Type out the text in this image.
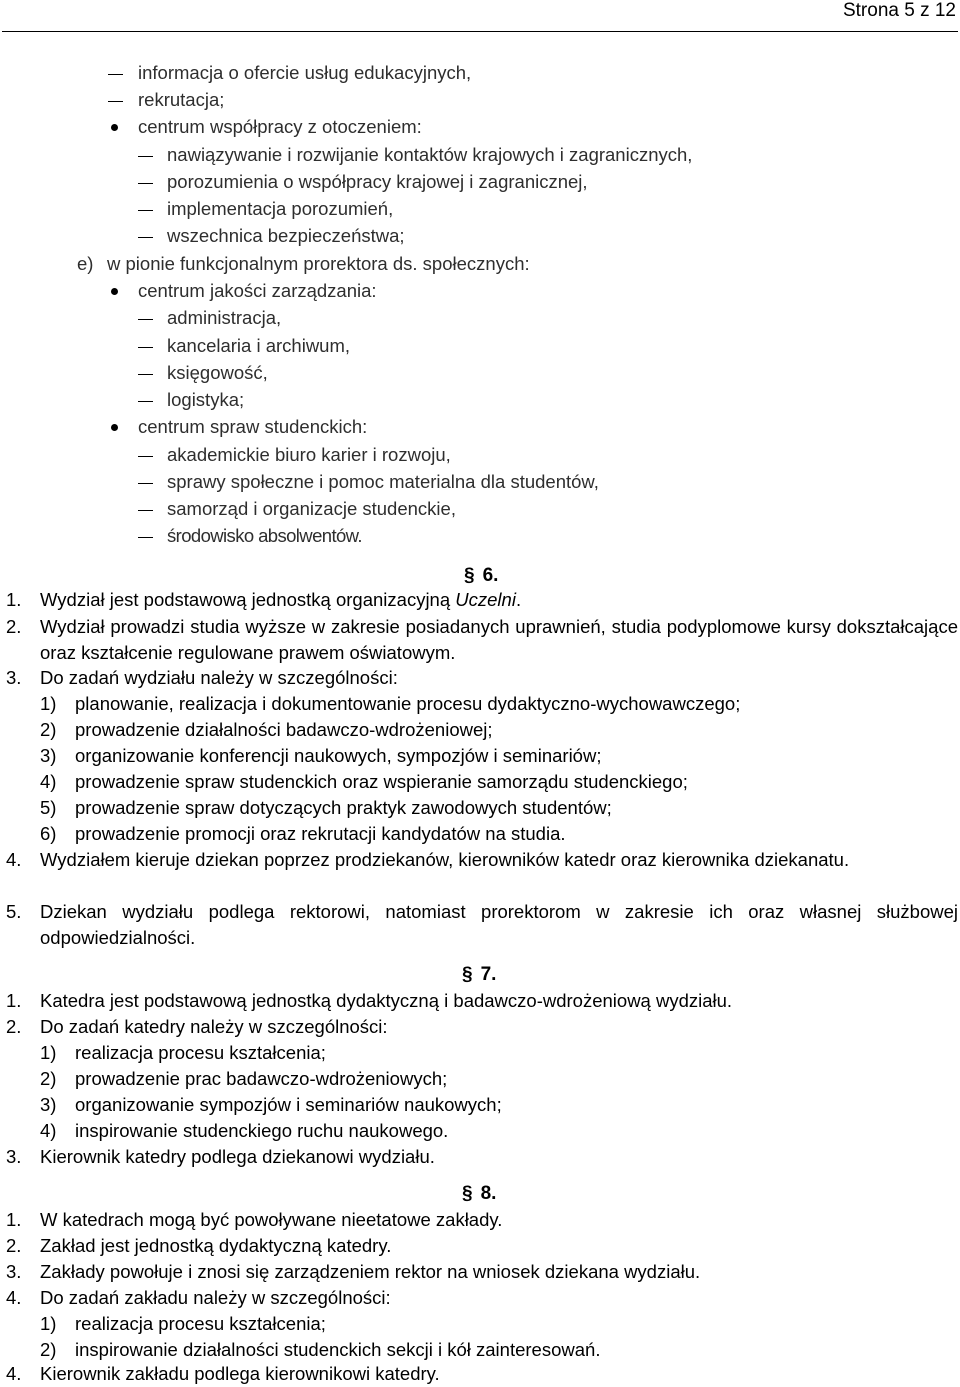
Strona 5 z 12
informacja o ofercie usług edukacyjnych,
rekrutacja;
centrum współpracy z otoczeniem:
nawiązywanie i rozwijanie kontaktów krajowych i zagranicznych,
porozumienia o współpracy krajowej i zagranicznej,
implementacja porozumień,
wszechnica bezpieczeństwa;
e) w pionie funkcjonalnym prorektora ds. społecznych:
centrum jakości zarządzania:
administracja,
kancelaria i archiwum,
księgowość,
logistyka;
centrum spraw studenckich:
akademickie biuro karier i rozwoju,
sprawy społeczne i pomoc materialna dla studentów,
samorząd i organizacje studenckie,
środowisko absolwentów.
§ 6.
1. Wydział jest podstawową jednostką organizacyjną Uczelni.
2. Wydział prowadzi studia wyższe w zakresie posiadanych uprawnień, studia podyplomowe kursy dokształcające oraz kształcenie regulowane prawem oświatowym.
3. Do zadań wydziału należy w szczególności:
1) planowanie, realizacja i dokumentowanie procesu dydaktyczno-wychowawczego;
2) prowadzenie działalności badawczo-wdrożeniowej;
3) organizowanie konferencji naukowych, sympozjów i seminariów;
4) prowadzenie spraw studenckich oraz wspieranie samorządu studenckiego;
5) prowadzenie spraw dotyczących praktyk zawodowych studentów;
6) prowadzenie promocji oraz rekrutacji kandydatów na studia.
4. Wydziałem kieruje dziekan poprzez prodziekanów, kierowników katedr oraz kierownika dziekanatu.
5. Dziekan wydziału podlega rektorowi, natomiast prorektorom w zakresie ich oraz własnej służbowej odpowiedzialności.
§ 7.
1. Katedra jest podstawową jednostką dydaktyczną i badawczo-wdrożeniową wydziału.
2. Do zadań katedry należy w szczególności:
1) realizacja procesu kształcenia;
2) prowadzenie prac badawczo-wdrożeniowych;
3) organizowanie sympozjów i seminariów naukowych;
4) inspirowanie studenckiego ruchu naukowego.
3. Kierownik katedry podlega dziekanowi wydziału.
§ 8.
1. W katedrach mogą być powoływane nieetatowe zakłady.
2. Zakład jest jednostką dydaktyczną katedry.
3. Zakłady powołuje i znosi się zarządzeniem rektor na wniosek dziekana wydziału.
4. Do zadań zakładu należy w szczególności:
1) realizacja procesu kształcenia;
2) inspirowanie działalności studenckich sekcji i kół zainteresowań.
4. Kierownik zakładu podlega kierownikowi katedry.
